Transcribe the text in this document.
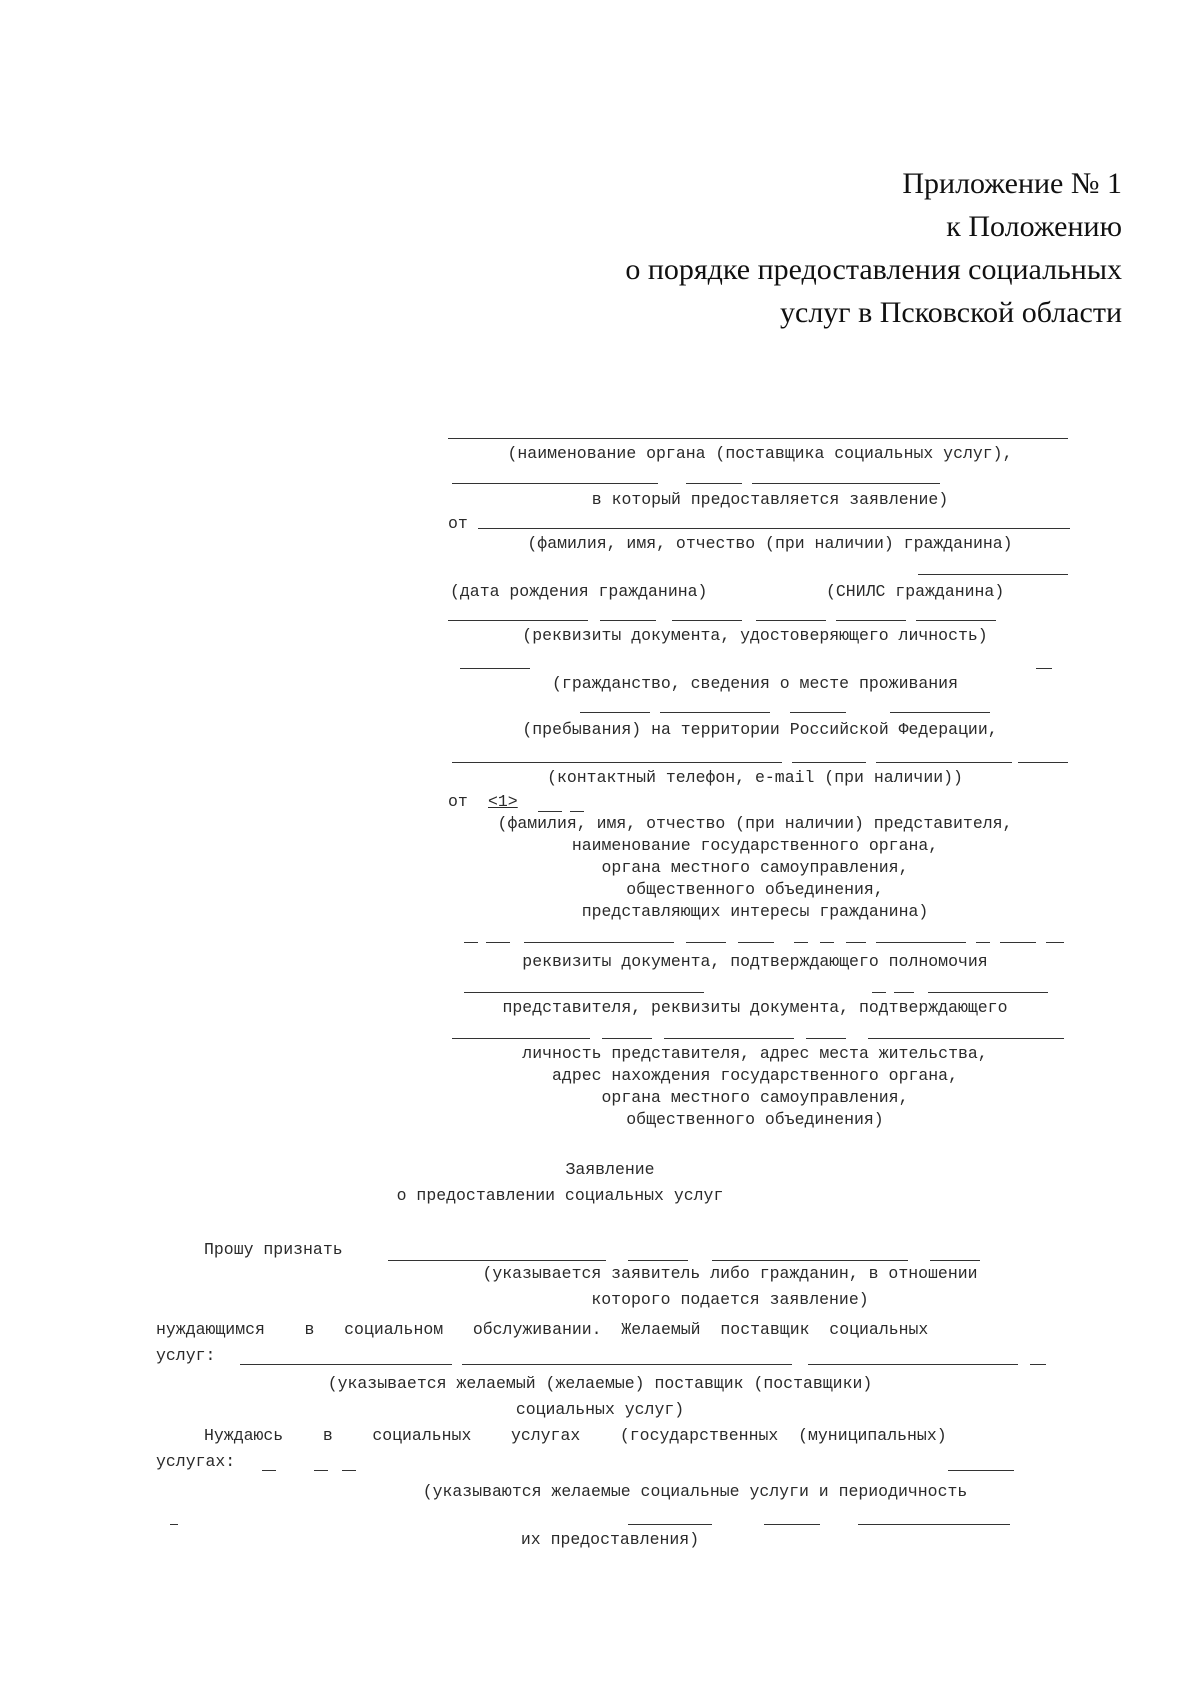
Приложение № 1
к Положению
о порядке предоставления социальных
услуг в Псковской области
(наименование органа (поставщика социальных услуг),
в который предоставляется заявление)
от
(фамилия, имя, отчество (при наличии) гражданина)
(дата рождения гражданина)	(СНИЛС гражданина)
(реквизиты документа, удостоверяющего личность)
(гражданство, сведения о месте проживания
(пребывания) на территории Российской Федерации,
(контактный телефон, e-mail (при наличии))
от <1>
(фамилия, имя, отчество (при наличии) представителя,
наименование государственного органа,
органа местного самоуправления,
общественного объединения,
представляющих интересы гражданина)
реквизиты документа, подтверждающего полномочия
представителя, реквизиты документа, подтверждающего
личность представителя, адрес места жительства,
адрес нахождения государственного органа,
органа местного самоуправления,
общественного объединения)
Заявление
о предоставлении социальных услуг
Прошу признать
(указывается заявитель либо гражданин, в отношении
которого подается заявление)
нуждающимся    в   социальном   обслуживании.  Желаемый  поставщик  социальных
услуг:
(указывается желаемый (желаемые) поставщик (поставщики)
социальных услуг)
Нуждаюсь    в    социальных    услугах    (государственных  (муниципальных)
услугах:
(указываются желаемые социальные услуги и периодичность
их предоставления)
